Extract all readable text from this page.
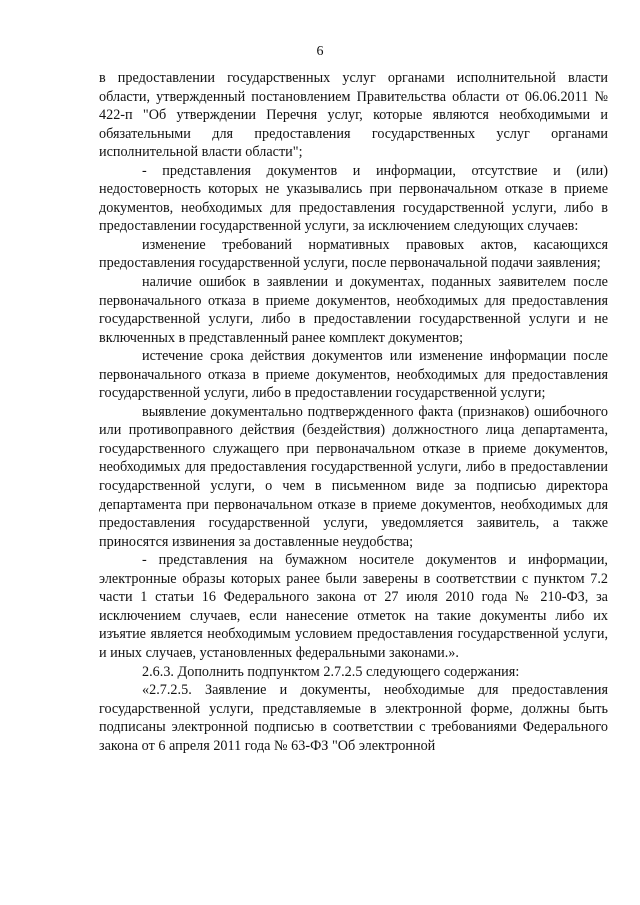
6

в предоставлении государственных услуг органами исполнительной власти области, утвержденный постановлением Правительства области от 06.06.2011 № 422-п "Об утверждении Перечня услуг, которые являются необходимыми и обязательными для предоставления государственных услуг органами исполнительной власти области";

- представления документов и информации, отсутствие и (или) недостоверность которых не указывались при первоначальном отказе в приеме документов, необходимых для предоставления государственной услуги, либо в предоставлении государственной услуги, за исключением следующих случаев:

изменение требований нормативных правовых актов, касающихся предоставления государственной услуги, после первоначальной подачи заявления;

наличие ошибок в заявлении и документах, поданных заявителем после первоначального отказа в приеме документов, необходимых для предоставления государственной услуги, либо в предоставлении государственной услуги и не включенных в представленный ранее комплект документов;

истечение срока действия документов или изменение информации после первоначального отказа в приеме документов, необходимых для предоставления государственной услуги, либо в предоставлении государственной услуги;

выявление документально подтвержденного факта (признаков) ошибочного или противоправного действия (бездействия) должностного лица департамента, государственного служащего при первоначальном отказе в приеме документов, необходимых для предоставления государственной услуги, либо в предоставлении государственной услуги, о чем в письменном виде за подписью директора департамента при первоначальном отказе в приеме документов, необходимых для предоставления государственной услуги, уведомляется заявитель, а также приносятся извинения за доставленные неудобства;

- представления на бумажном носителе документов и информации, электронные образы которых ранее были заверены в соответствии с пунктом 7.2 части 1 статьи 16 Федерального закона от 27 июля 2010 года № 210-ФЗ, за исключением случаев, если нанесение отметок на такие документы либо их изъятие является необходимым условием предоставления государственной услуги, и иных случаев, установленных федеральными законами.».

2.6.3. Дополнить подпунктом 2.7.2.5 следующего содержания:

«2.7.2.5. Заявление и документы, необходимые для предоставления государственной услуги, представляемые в электронной форме, должны быть подписаны электронной подписью в соответствии с требованиями Федерального закона от 6 апреля 2011 года № 63-ФЗ "Об электронной
